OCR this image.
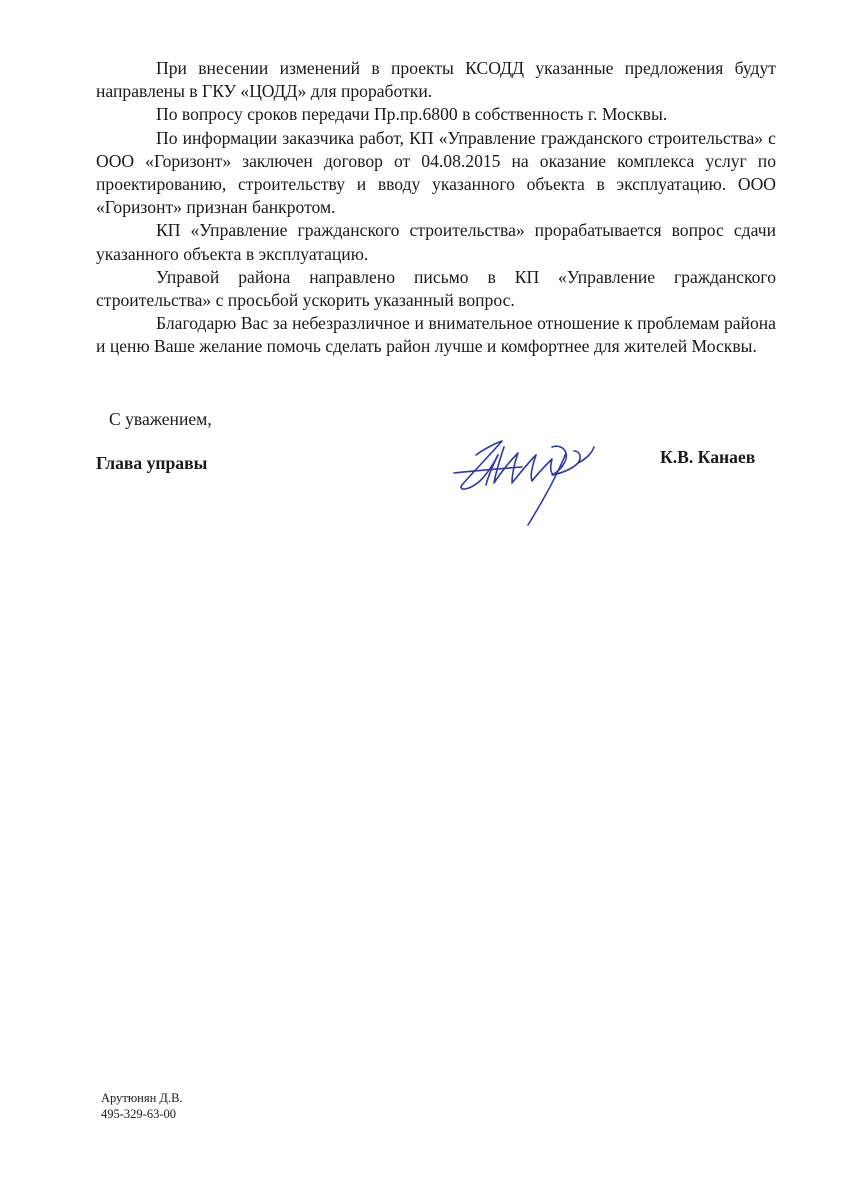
При внесении изменений в проекты КСОДД указанные предложения будут направлены в ГКУ «ЦОДД» для проработки.

По вопросу сроков передачи Пр.пр.6800 в собственность г. Москвы.

По информации заказчика работ, КП «Управление гражданского строительства» с ООО «Горизонт» заключен договор от 04.08.2015 на оказание комплекса услуг по проектированию, строительству и вводу указанного объекта в эксплуатацию. ООО «Горизонт» признан банкротом.

КП «Управление гражданского строительства» прорабатывается вопрос сдачи указанного объекта в эксплуатацию.

Управой района направлено письмо в КП «Управление гражданского строительства» с просьбой ускорить указанный вопрос.

Благодарю Вас за небезразличное и внимательное отношение к проблемам района и ценю Ваше желание помочь сделать район лучше и комфортнее для жителей Москвы.

С уважением,
Глава управы	К.В. Канаев
Арутюнян Д.В.
495-329-63-00
